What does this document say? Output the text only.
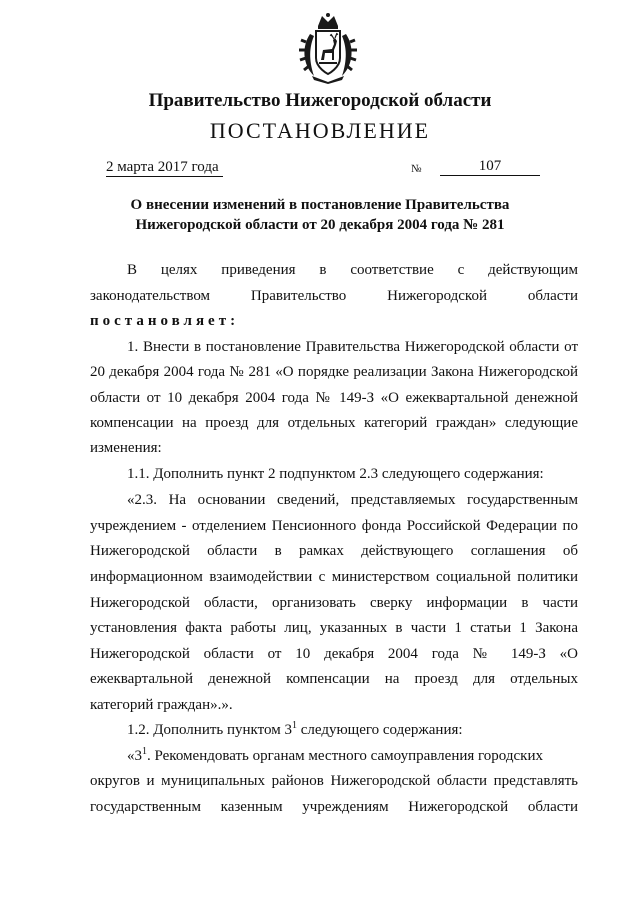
Правительство Нижегородской области
ПОСТАНОВЛЕНИЕ
2 марта 2017 года	№	107
О внесении изменений в постановление Правительства
Нижегородской области от 20 декабря 2004 года № 281
В целях приведения в соответствие с действующим
законодательством Правительство Нижегородской области
постановляет:
1. Внести в постановление Правительства Нижегородской области от
20 декабря 2004 года № 281 «О порядке реализации Закона Нижегородской
области от 10 декабря 2004 года № 149-З «О ежеквартальной денежной
компенсации на проезд для отдельных категорий граждан» следующие
изменения:
1.1. Дополнить пункт 2 подпунктом 2.3 следующего содержания:
«2.3. На основании сведений, представляемых государственным
учреждением - отделением Пенсионного фонда Российской Федерации по
Нижегородской области в рамках действующего соглашения об
информационном взаимодействии с министерством социальной политики
Нижегородской области, организовать сверку информации в части
установления факта работы лиц, указанных в части 1 статьи 1 Закона
Нижегородской области от 10 декабря 2004 года № 149-З «О
ежеквартальной денежной компенсации на проезд для отдельных
категорий граждан».».
1.2. Дополнить пунктом $3^1$ следующего содержания:
«$3^1$. Рекомендовать органам местного самоуправления городских
округов и муниципальных районов Нижегородской области представлять
государственным казенным учреждениям Нижегородской области
